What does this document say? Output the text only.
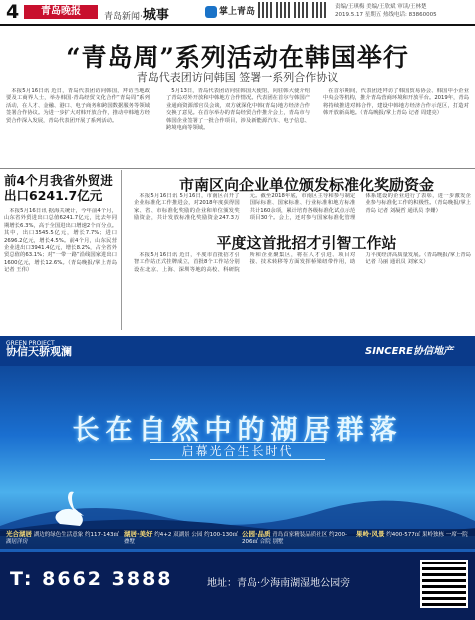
4	青岛晚报	青岛新闻·城事	掌上青岛	责编/王琪梅 美编/王欣斌 审读/王林楚
2019.5.17 星期五 热线电话: 83860005
“青岛周”系列活动在韩国举行
青岛代表团访问韩国 签署一系列合作协议

本报5月16日讯 近日，青岛代表团访问韩国，拜访当地政要及工商界人士，举办韩国·青岛经贸文化合作“青岛周”系列活动，在人才、金融、港口、电子商务和跨国数据服务等领域签署合作协议。为进一步扩大对韩开放合作，推动中韩地方经贸合作深入发展，青岛代表团开展了系列活动。

5月13日，青岛代表团访问驻韩国大使馆，向驻韩大使介绍了青岛对外开放和中韩地方合作情况。代表团在首尔与韩国产业通商资源部官员会谈，双方就深化中韩(青岛)地方经济合作交换了意见。在首尔举办的青岛经贸合作推介会上，青岛市与韩国企业签署了一批合作项目，涉及新能源汽车、电子信息、跨境电商等领域。

在首尔期间，代表团还拜访了韩国贸易协会、韩国中小企业中央会等机构，推介青岛营商环境和开放平台。2019年，青岛将持续推进对韩合作，建设中韩地方经济合作示范区，打造对韩开放新高地。（青岛晚报/掌上青岛 记者 周建亮）

前4个月我省外贸进出口6241.7亿元

本报5月16日讯 据海关统计，今年前4个月，山东省外贸进出口总值6241.7亿元，比去年同期增长6.3%，高于全国进出口增速2个百分点。其中，出口3545.5亿元，增长7.7%；进口2696.2亿元，增长4.5%。前4个月，山东民营企业进出口3941.4亿元，增长8.2%，占全省外贸总值的63.1%；对“一带一路”沿线国家进出口1600亿元，增长12.6%。（青岛晚报/掌上青岛 记者 王伟）

市南区向企业单位颁发标准化奖励资金

本报5月16日讯 5月16日，市南区召开了企业标准化工作推进会，对2018年度获得国家、省、市标准化奖励的企业和单位颁发奖励资金，共计发放标准化奖励资金247.3万元。截至2018年底，市南区主导和参与制定国际标准、国家标准、行业标准和地方标准共计160余项，累计培育各级标准化试点示范项目30个。会上，还对参与国家标准化管理体系建设的企业进行了表彰，进一步激发企业参与标准化工作的积极性。（青岛晚报/掌上青岛 记者 刘凝哲 通讯员 李姗）

平度这首批招才引智工作站

本报5月16日讯 近日，平度市首批招才引智工作站正式挂牌成立，首批8个工作站分别设在北京、上海、深圳等地的高校、科研院所和企业聚集区，将在人才引进、项目对接、技术转移等方面发挥桥梁纽带作用，助力平度经济高质量发展。（青岛晚报/掌上青岛 记者 马丽 通讯员 刘家义）

GREEN PROJECT
协信天骄观澜	SINCERE协信地产
长在自然中的湖居群落
启幕光合生长时代
光合湖居 湖边的绿色生活意象 约117-143㎡ 湖居洋房
湖居·美好 约4+2 双湖景 公园 约100-130㎡ 叠墅
公园·品质 青岛首家精装品质社区 约200-206㎡ 合院 别墅
果岭·风景 约400-577㎡ 果岭独栋 一席一院
T: 8662 3888	地址：青岛·少海南湖湿地公园旁
